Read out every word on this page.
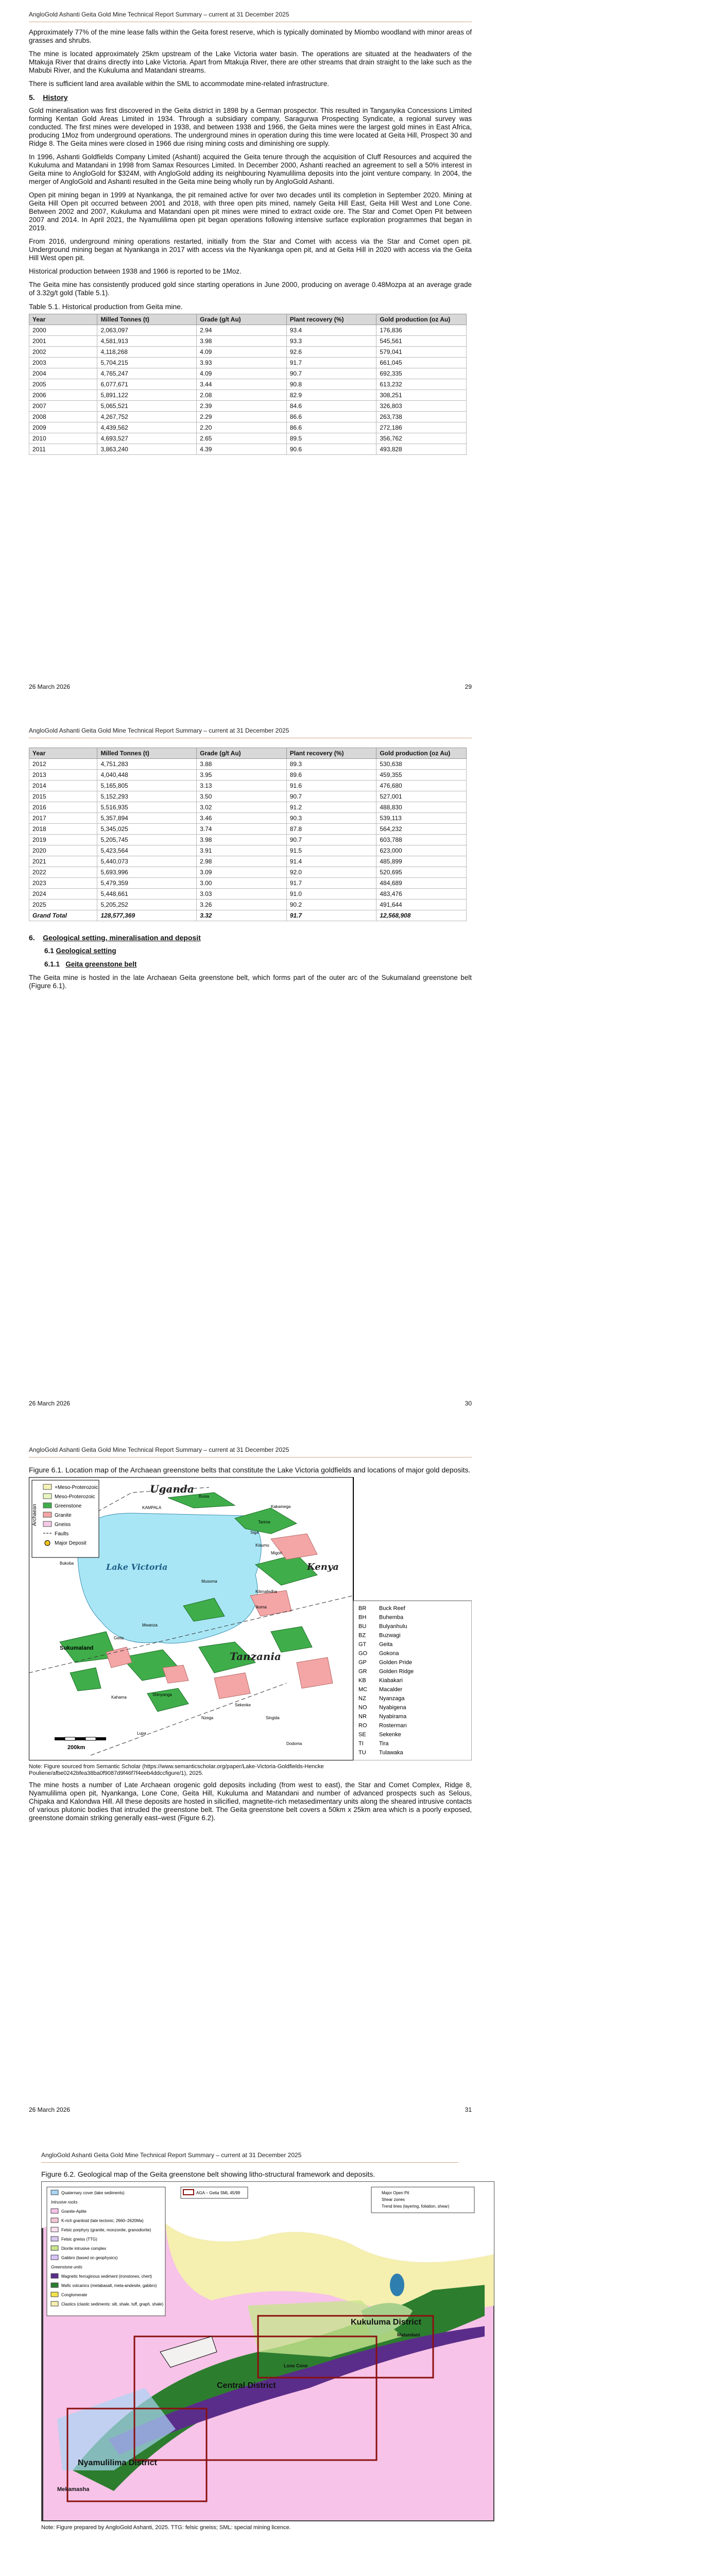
AngloGold Ashanti Geita Gold Mine Technical Report Summary – current at 31 December 2025

Approximately 77% of the mine lease falls within the Geita forest reserve, which is typically dominated by Miombo woodland with minor areas of grasses and shrubs.

The mine is located approximately 25km upstream of the Lake Victoria water basin. The operations are situated at the headwaters of the Mtakuja River that drains directly into Lake Victoria. Apart from Mtakuja River, there are other streams that drain straight to the lake such as the Mabubi River, and the Kukuluma and Matandani streams.

There is sufficient land area available within the SML to accommodate mine-related infrastructure.

5. History

Gold mineralisation was first discovered in the Geita district in 1898 by a German prospector. This resulted in Tanganyika Concessions Limited forming Kentan Gold Areas Limited in 1934. Through a subsidiary company, Saragurwa Prospecting Syndicate, a regional survey was conducted. The first mines were developed in 1938, and between 1938 and 1966, the Geita mines were the largest gold mines in East Africa, producing 1Moz from underground operations. The underground mines in operation during this time were located at Geita Hill, Prospect 30 and Ridge 8. The Geita mines were closed in 1966 due rising mining costs and diminishing ore supply.

In 1996, Ashanti Goldfields Company Limited (Ashanti) acquired the Geita tenure through the acquisition of Cluff Resources and acquired the Kukuluma and Matandani in 1998 from Samax Resources Limited. In December 2000, Ashanti reached an agreement to sell a 50% interest in Geita mine to AngloGold for $324M, with AngloGold adding its neighbouring Nyamulilima deposits into the joint venture company. In 2004, the merger of AngloGold and Ashanti resulted in the Geita mine being wholly run by AngloGold Ashanti.

Open pit mining began in 1999 at Nyankanga, the pit remained active for over two decades until its completion in September 2020. Mining at Geita Hill Open pit occurred between 2001 and 2018, with three open pits mined, namely Geita Hill East, Geita Hill West and Lone Cone. Between 2002 and 2007, Kukuluma and Matandani open pit mines were mined to extract oxide ore. The Star and Comet Open Pit between 2007 and 2014. In April 2021, the Nyamulilima open pit began operations following intensive surface exploration programmes that began in 2019.

From 2016, underground mining operations restarted, initially from the Star and Comet with access via the Star and Comet open pit. Underground mining began at Nyankanga in 2017 with access via the Nyankanga open pit, and at Geita Hill in 2020 with access via the Geita Hill West open pit.

Historical production between 1938 and 1966 is reported to be 1Moz.

The Geita mine has consistently produced gold since starting operations in June 2000, producing on average 0.48Mozpa at an average grade of 3.32g/t gold (Table 5.1).

Table 5.1. Historical production from Geita mine.
Year	Milled Tonnes (t)	Grade (g/t Au)	Plant recovery (%)	Gold production (oz Au)
2000	2,063,097	2.94	93.4	176,836
2001	4,581,913	3.98	93.3	545,561
2002	4,118,268	4.09	92.6	579,041
2003	5,704,215	3.93	91.7	661,045
2004	4,765,247	4.09	90.7	692,335
2005	6,077,671	3.44	90.8	613,232
2006	5,891,122	2.08	82.9	308,251
2007	5,065,521	2.39	84.6	326,803
2008	4,267,752	2.29	86.6	263,738
2009	4,439,562	2.20	86.6	272,186
2010	4,693,527	2.65	89.5	356,762
2011	3,863,240	4.39	90.6	493,828
26 March 2026	29
AngloGold Ashanti Geita Gold Mine Technical Report Summary – current at 31 December 2025
Year	Milled Tonnes (t)	Grade (g/t Au)	Plant recovery (%)	Gold production (oz Au)
2012	4,751,283	3.88	89.3	530,638
2013	4,040,448	3.95	89.6	459,355
2014	5,165,805	3.13	91.6	476,680
2015	5,152,293	3.50	90.7	527,001
2016	5,516,935	3.02	91.2	488,830
2017	5,357,894	3.46	90.3	539,113
2018	5,345,025	3.74	87.8	564,232
2019	5,205,745	3.98	90.7	603,788
2020	5,423,564	3.91	91.5	623,000
2021	5,440,073	2.98	91.4	485,899
2022	5,693,996	3.09	92.0	520,695
2023	5,479,359	3.00	91.7	484,689
2024	5,448,661	3.03	91.0	483,476
2025	5,205,252	3.26	90.2	491,644
Grand Total	128,577,369	3.32	91.7	12,568,908
6. Geological setting, mineralisation and deposit
6.1 Geological setting
6.1.1 Geita greenstone belt

The Geita mine is hosted in the late Archaean Geita greenstone belt, which forms part of the outer arc of the Sukumaland greenstone belt (Figure 6.1).

26 March 2026	30
AngloGold Ashanti Geita Gold Mine Technical Report Summary – current at 31 December 2025
Figure 6.1. Location map of the Archaean greenstone belts that constitute the Lake Victoria goldfields and locations of major gold deposits.
Archaean
+Meso-Proterozoic
Meso-Proterozoic
Greenstone
Granite
Gneiss
Faults
Major Deposit
Uganda
Kenya
Tanzania
Lake Victoria
KAMPALA
Kisumu
Bukoba
Musoma
Mwanza
Sukumaland
Geita
Shinyanga
Nzega
Kahama
Lupa
Dodoma
Singida
Tarime
Ikoma
Kilimafedha
Siga
Migori
Busia
Kakamega
Sekenke
200km
BR Buck Reef
BH Buhemba
BU Bulyanhulu
BZ Buzwagi
GT Geita
GO Gokona
GP Golden Pride
GR Golden Ridge
KB Kiabakari
MC Macalder
NZ Nyanzaga
NO Nyabigena
NR Nyabirama
RO Rosterman
SE Sekenke
TI	Tira
TU Tulawaka

Note: Figure sourced from Semantic Scholar (https://www.semanticscholar.org/paper/Lake-Victoria-Goldfields-Hencke Pouliene/afbe0242bfea38ba0f9087d9f46f7f4eeb4ddccfigure/1), 2025.

The mine hosts a number of Late Archaean orogenic gold deposits including (from west to east), the Star and Comet Complex, Ridge 8, Nyamulilima open pit, Nyankanga, Lone Cone, Geita Hill, Kukuluma and Matandani and number of advanced prospects such as Selous, Chipaka and Kalondwa Hill. All these deposits are hosted in silicified, magnetite-rich metasedimentary units along the sheared intrusive contacts of various plutonic bodies that intruded the greenstone belt. The Geita greenstone belt covers a 50km x 25km area which is a poorly exposed, greenstone domain striking generally east–west (Figure 6.2).

26 March 2026	31
AngloGold Ashanti Geita Gold Mine Technical Report Summary – current at 31 December 2025
Figure 6.2. Geological map of the Geita greenstone belt showing litho-structural framework and deposits.
Quaternary cover (lake sediments)
Intrusive rocks
Granite-Aplite
K-rich granitoid (late tectonic; 2660–2620Ma)
Felsic porphyry (granite, monzonite, granodiorite)
Felsic gneiss (TTG)
Diorite intrusive complex
Gabbro (based on geophysics)
Greenstone units
Magnetic ferruginous sediment (ironstones, chert)
Mafic volcanics (metabasalt, meta-andesite, gabbro)
Conglomerate
Clastics (clastic sediments: silt, shale, tuff, graph. shale)
AGA – Geita SML 45/99	Major Open Pit
Shear zones
Trend lines (layering, foliation, shear)
Kukuluma District
Central District
Nyamulilima District
Matandani
Lone Cone
Mekamasha

Note: Figure prepared by AngloGold Ashanti, 2025. TTG: felsic gneiss; SML: special mining licence.
